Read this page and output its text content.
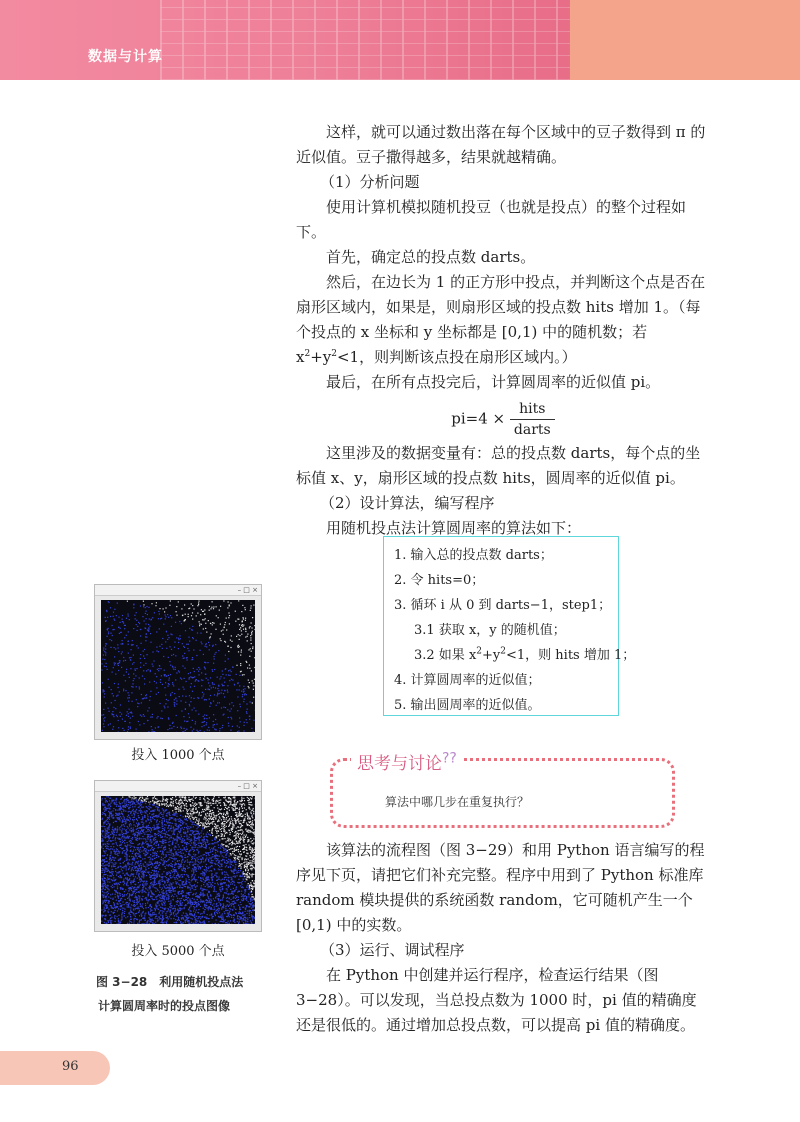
数据与计算

这样，就可以通过数出落在每个区域中的豆子数得到 π 的近似值。豆子撒得越多，结果就越精确。

（1）分析问题

使用计算机模拟随机投豆（也就是投点）的整个过程如下。

首先，确定总的投点数 darts。

然后，在边长为 1 的正方形中投点，并判断这个点是否在扇形区域内，如果是，则扇形区域的投点数 hits 增加 1。（每个投点的 x 坐标和 y 坐标都是 [0,1) 中的随机数；若
$x^2+y^2<1$，则判断该点投在扇形区域内。）

最后，在所有点投完后，计算圆周率的近似值 pi。

$pi=4 \times \frac{\text{hits}}{\text{darts}}$

这里涉及的数据变量有：总的投点数 darts，每个点的坐标值 x、y，扇形区域的投点数 hits，圆周率的近似值 pi。

（2）设计算法，编写程序

用随机投点法计算圆周率的算法如下：

1. 输入总的投点数 darts；
2. 令 hits=0；
3. 循环 i 从 0 到 darts−1，step1；
3.1 获取 x，y 的随机值；
3.2 如果 $x^2+y^2<1$，则 hits 增加 1；
4. 计算圆周率的近似值；
5. 输出圆周率的近似值。
思考与讨论??
算法中哪几步在重复执行？

该算法的流程图（图 3−29）和用 Python 语言编写的程序见下页，请把它们补充完整。程序中用到了 Python 标准库 random 模块提供的系统函数 random，它可随机产生一个 [0,1) 中的实数。

（3）运行、调试程序

在 Python 中创建并运行程序，检查运行结果（图 3−28）。可以发现，当总投点数为 1000 时，pi 值的精确度还是很低的。通过增加总投点数，可以提高 pi 值的精确度。

– □ ×
投入 1000 个点
– □ ×
投入 5000 个点
图 3−28　利用随机投点法
计算圆周率时的投点图像
96
